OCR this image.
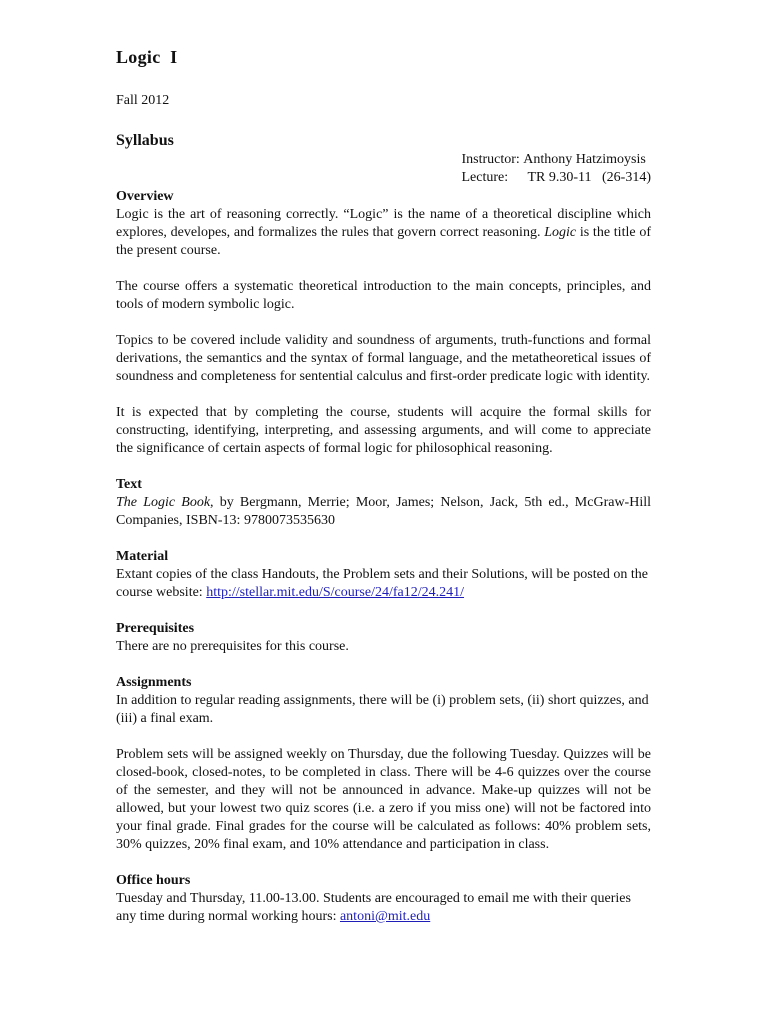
Logic  I
Fall 2012
Syllabus
Instructor:
Anthony Hatzimoysis
Lecture:	TR 9.30-11   (26-314)
Overview

Logic is the art of reasoning correctly. “Logic” is the name of a theoretical discipline which explores, developes, and formalizes the rules that govern correct reasoning. Logic is the title of the present course.

The course offers a systematic theoretical introduction to the main concepts, principles, and tools of modern symbolic logic.

Topics to be covered include validity and soundness of arguments, truth-functions and formal derivations, the semantics and the syntax of formal language, and the metatheoretical issues of soundness and completeness for sentential calculus and first-order predicate logic with identity.

It is expected that by completing the course, students will acquire the formal skills for constructing, identifying, interpreting, and assessing arguments, and will come to appreciate the significance of certain aspects of formal logic for philosophical reasoning.

Text

The Logic Book, by Bergmann, Merrie; Moor, James; Nelson, Jack, 5th ed., McGraw-Hill Companies, ISBN-13: 9780073535630

Material

Extant copies of the class Handouts, the Problem sets and their Solutions, will be posted on the course website: http://stellar.mit.edu/S/course/24/fa12/24.241/

Prerequisites

There are no prerequisites for this course.

Assignments

In addition to regular reading assignments, there will be (i) problem sets, (ii) short quizzes, and (iii) a final exam.

Problem sets will be assigned weekly on Thursday, due the following Tuesday. Quizzes will be closed-book, closed-notes, to be completed in class. There will be 4-6 quizzes over the course of the semester, and they will not be announced in advance. Make-up quizzes will not be allowed, but your lowest two quiz scores (i.e. a zero if you miss one) will not be factored into your final grade. Final grades for the course will be calculated as follows: 40% problem sets, 30% quizzes, 20% final exam, and 10% attendance and participation in class.

Office hours

Tuesday and Thursday, 11.00-13.00. Students are encouraged to email me with their queries any time during normal working hours: antoni@mit.edu
